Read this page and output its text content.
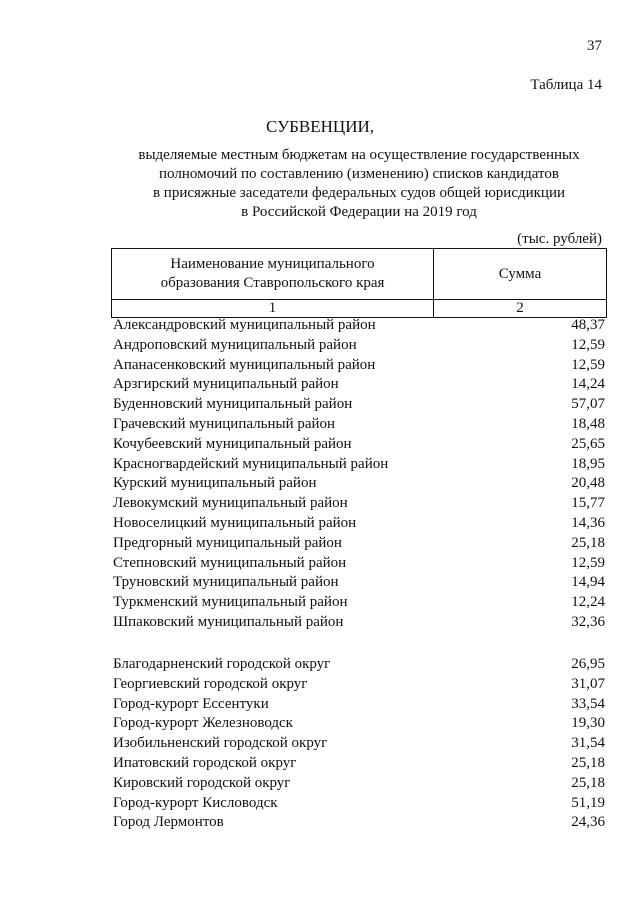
37
Таблица 14
СУБВЕНЦИИ,
выделяемые местным бюджетам на осуществление государственных
полномочий по составлению (изменению) списков кандидатов
в присяжные заседатели федеральных судов общей юрисдикции
в Российской Федерации на 2019 год
(тыс. рублей)
Наименование муниципального
образования Ставропольского края	Сумма
1	2
Александровский муниципальный район	48,37
Андроповский муниципальный район	12,59
Апанасенковский муниципальный район	12,59
Арзгирский муниципальный район	14,24
Буденновский муниципальный район	57,07
Грачевский муниципальный район	18,48
Кочубеевский муниципальный район	25,65
Красногвардейский муниципальный район	18,95
Курский муниципальный район	20,48
Левокумский муниципальный район	15,77
Новоселицкий муниципальный район	14,36
Предгорный муниципальный район	25,18
Степновский муниципальный район	12,59
Труновский муниципальный район	14,94
Туркменский муниципальный район	12,24
Шпаковский муниципальный район	32,36
Благодарненский городской округ	26,95
Георгиевский городской округ	31,07
Город-курорт Ессентуки	33,54
Город-курорт Железноводск	19,30
Изобильненский городской округ	31,54
Ипатовский городской округ	25,18
Кировский городской округ	25,18
Город-курорт Кисловодск	51,19
Город Лермонтов	24,36
